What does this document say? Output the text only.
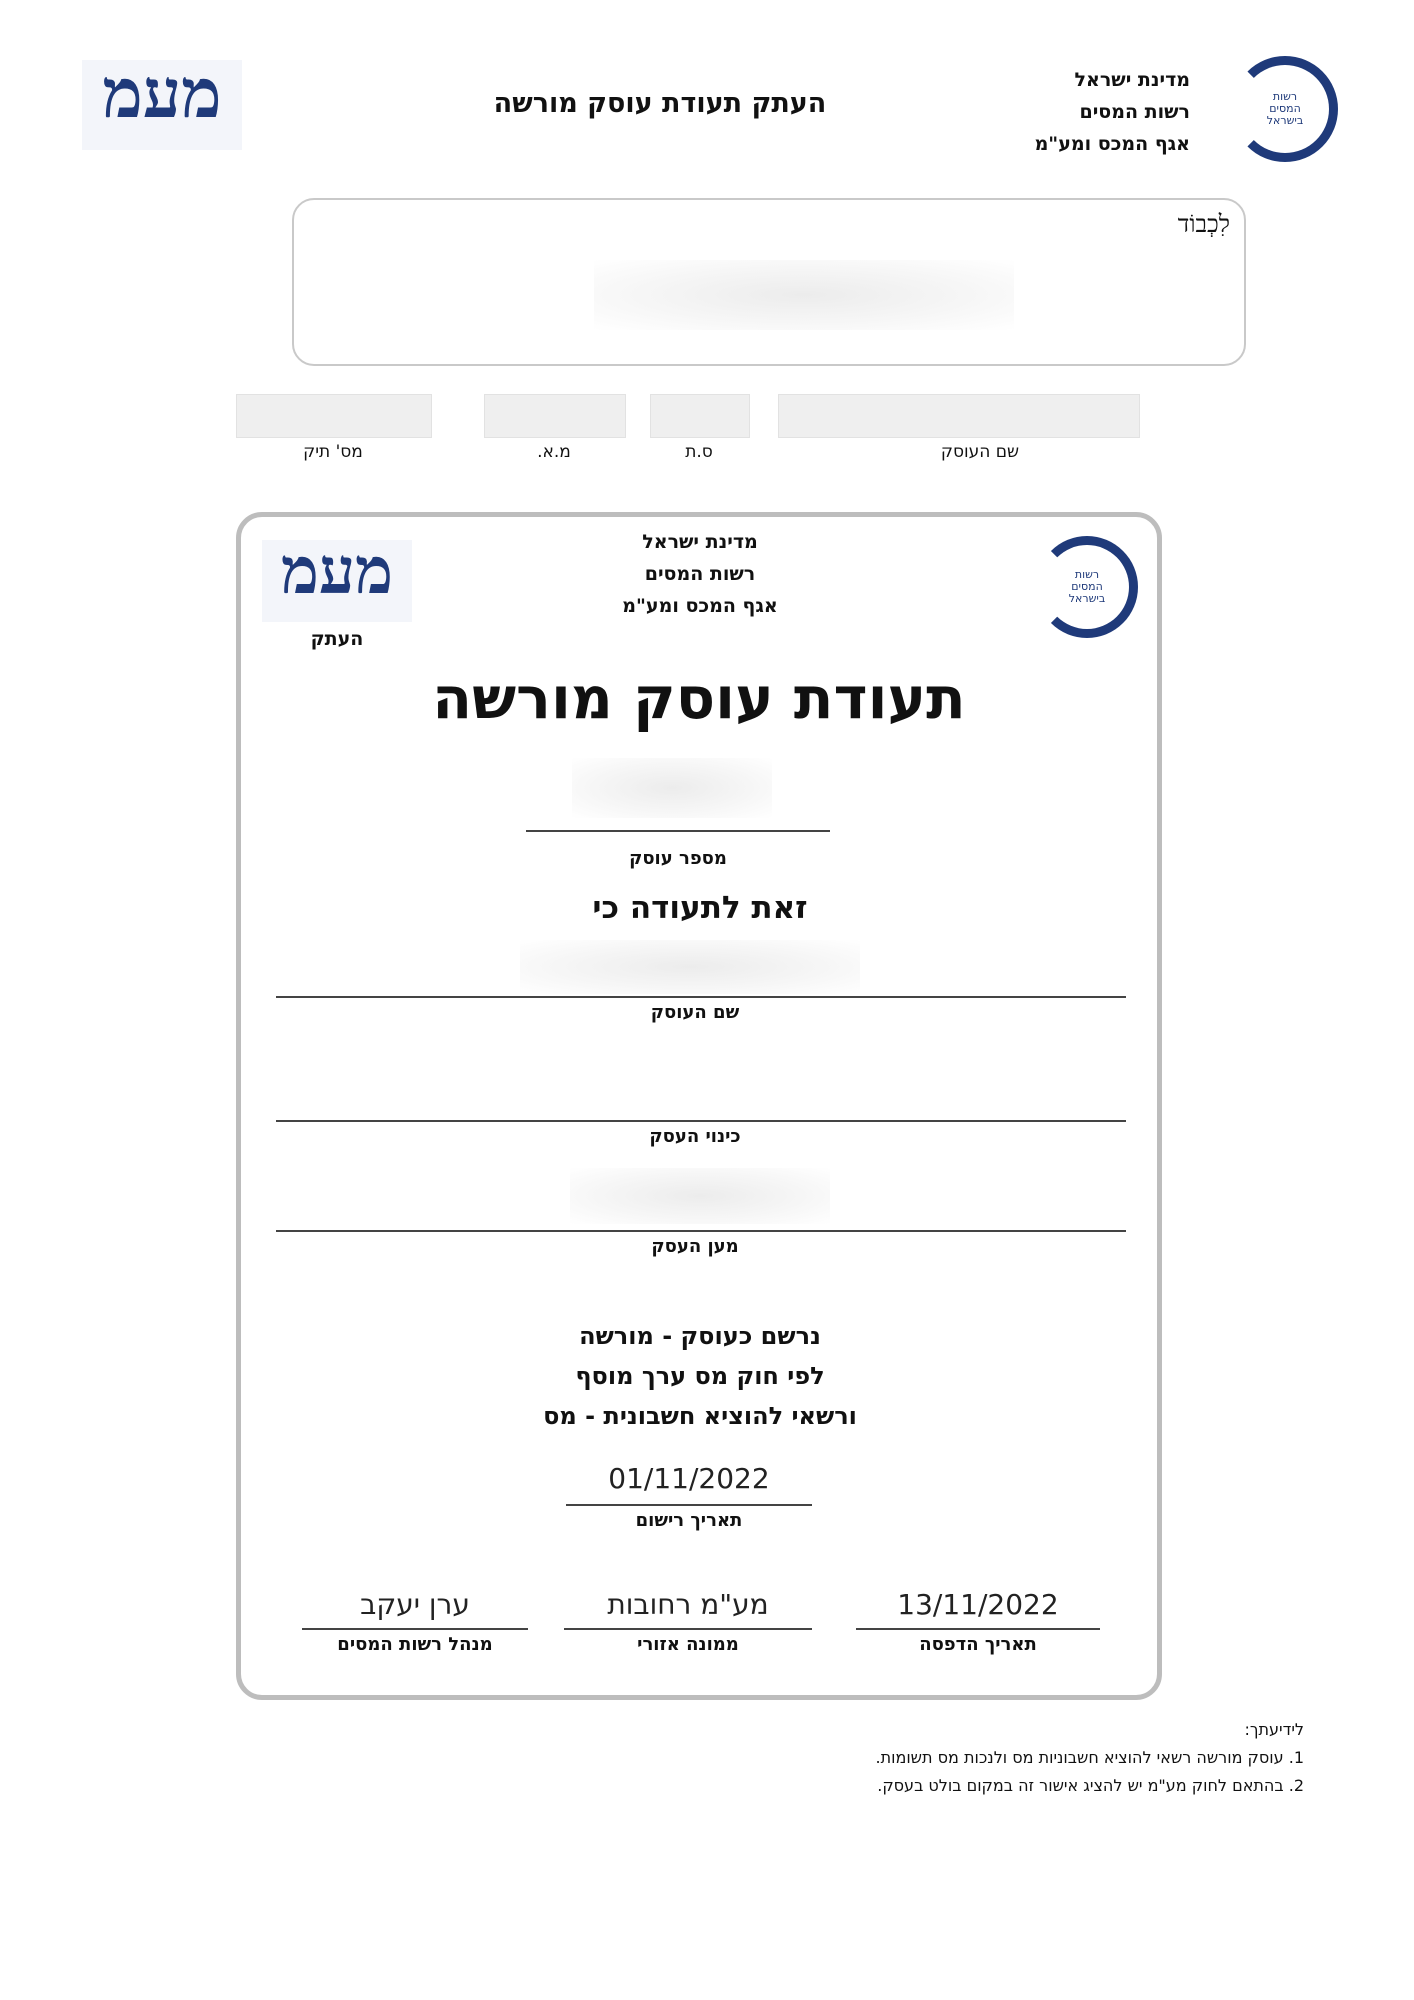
מעמ	העתק תעודת עוסק מורשה
מדינת ישראל
רשות המסים
אגף המכס ומע"מ
רשות
המסים
בישראל
לִכְבוֹד
שם העוסק
ס.ת
מ.א.
מס' תיק
מעמ
העתק
מדינת ישראל
רשות המסים
אגף המכס ומע"מ
רשות
המסים
בישראל
תעודת עוסק מורשה
מספר עוסק
זאת לתעודה כי
שם העוסק
כינוי העסק
מען העסק
נרשם כעוסק - מורשה
לפי חוק מס ערך מוסף
ורשאי להוציא חשבונית - מס
01/11/2022
תאריך רישום
13/11/2022
תאריך הדפסה
מע"מ רחובות
ממונה אזורי
ערן יעקב
מנהל רשות המסים
לידיעתך:
1. עוסק מורשה רשאי להוציא חשבוניות מס ולנכות מס תשומות.
2. בהתאם לחוק מע"מ יש להציג אישור זה במקום בולט בעסק.
